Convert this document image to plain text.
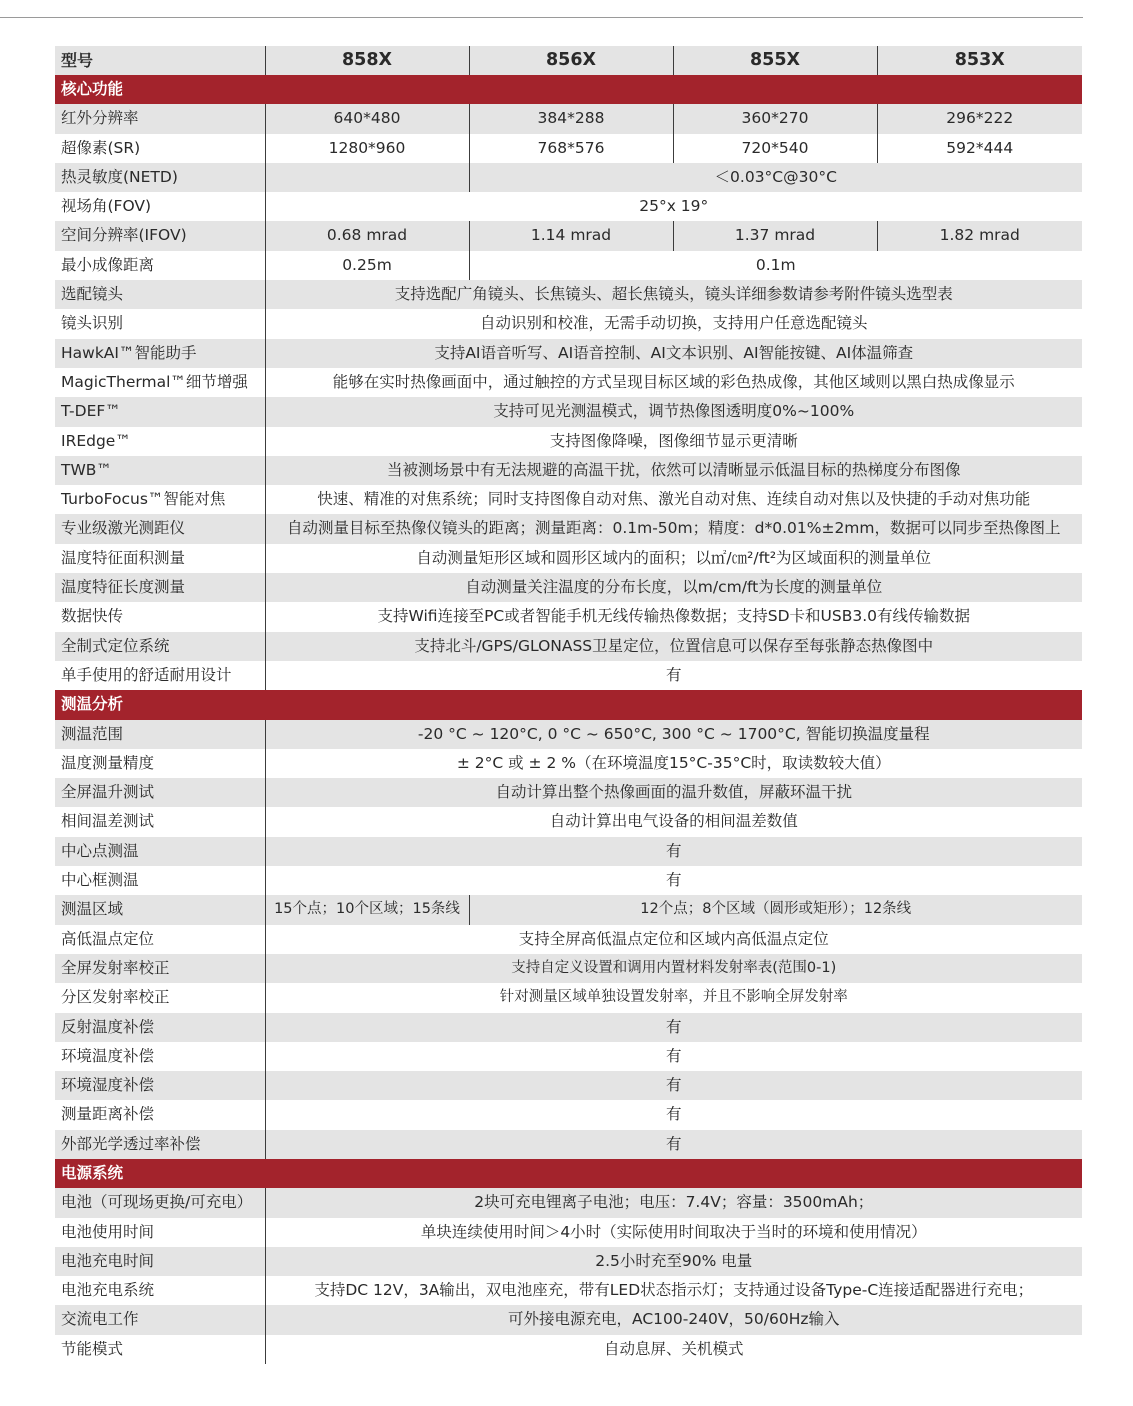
型号	858X	856X	855X	853X
核心功能				
红外分辨率	640*480	384*288	360*270	296*222
超像素(SR)	1280*960	768*576	720*540	592*444
热灵敏度(NETD)		＜0.03°C@30°C		
视场角(FOV)	25°x 19°			
空间分辨率(IFOV)	0.68 mrad	1.14 mrad	1.37 mrad	1.82 mrad
最小成像距离	0.25m	0.1m		
选配镜头	支持选配广角镜头、长焦镜头、超长焦镜头，镜头详细参数请参考附件镜头选型表			
镜头识别	自动识别和校准，无需手动切换，支持用户任意选配镜头			
HawkAI™智能助手	支持AI语音听写、AI语音控制、AI文本识别、AI智能按键、AI体温筛查			
MagicThermal™细节增强	能够在实时热像画面中，通过触控的方式呈现目标区域的彩色热成像，其他区域则以黑白热成像显示			
T-DEF™	支持可见光测温模式，调节热像图透明度0%~100%			
IREdge™	支持图像降噪，图像细节显示更清晰			
TWB™	当被测场景中有无法规避的高温干扰，依然可以清晰显示低温目标的热梯度分布图像			
TurboFocus™智能对焦	快速、精准的对焦系统；同时支持图像自动对焦、激光自动对焦、连续自动对焦以及快捷的手动对焦功能			
专业级激光测距仪	自动测量目标至热像仪镜头的距离；测量距离：0.1m-50m；精度：d*0.01%±2mm，数据可以同步至热像图上			
温度特征面积测量	自动测量矩形区域和圆形区域内的面积；以㎡/㎝²/ft²为区域面积的测量单位			
温度特征长度测量	自动测量关注温度的分布长度，以m/cm/ft为长度的测量单位			
数据快传	支持Wifi连接至PC或者智能手机无线传输热像数据；支持SD卡和USB3.0有线传输数据			
全制式定位系统	支持北斗/GPS/GLONASS卫星定位，位置信息可以保存至每张静态热像图中			
单手使用的舒适耐用设计	有			
测温分析				
测温范围	-20 °C ~ 120°C, 0 °C ~ 650°C, 300 °C ~ 1700°C, 智能切换温度量程			
温度测量精度	± 2°C 或 ± 2 %（在环境温度15°C-35°C时，取读数较大值）			
全屏温升测试	自动计算出整个热像画面的温升数值，屏蔽环温干扰			
相间温差测试	自动计算出电气设备的相间温差数值			
中心点测温	有			
中心框测温	有			
测温区域	15个点；10个区域；15条线	12个点；8个区域（圆形或矩形）；12条线		
高低温点定位	支持全屏高低温点定位和区域内高低温点定位			
全屏发射率校正	支持自定义设置和调用内置材料发射率表(范围0-1)			
分区发射率校正	针对测量区域单独设置发射率，并且不影响全屏发射率			
反射温度补偿	有			
环境温度补偿	有			
环境湿度补偿	有			
测量距离补偿	有			
外部光学透过率补偿	有			
电源系统				
电池（可现场更换/可充电）	2块可充电锂离子电池；电压：7.4V；容量：3500mAh；			
电池使用时间	单块连续使用时间＞4小时（实际使用时间取决于当时的环境和使用情况）			
电池充电时间	2.5小时充至90% 电量			
电池充电系统	支持DC 12V，3A输出，双电池座充，带有LED状态指示灯；支持通过设备Type-C连接适配器进行充电；			
交流电工作	可外接电源充电，AC100-240V，50/60Hz输入			
节能模式	自动息屏、关机模式			
